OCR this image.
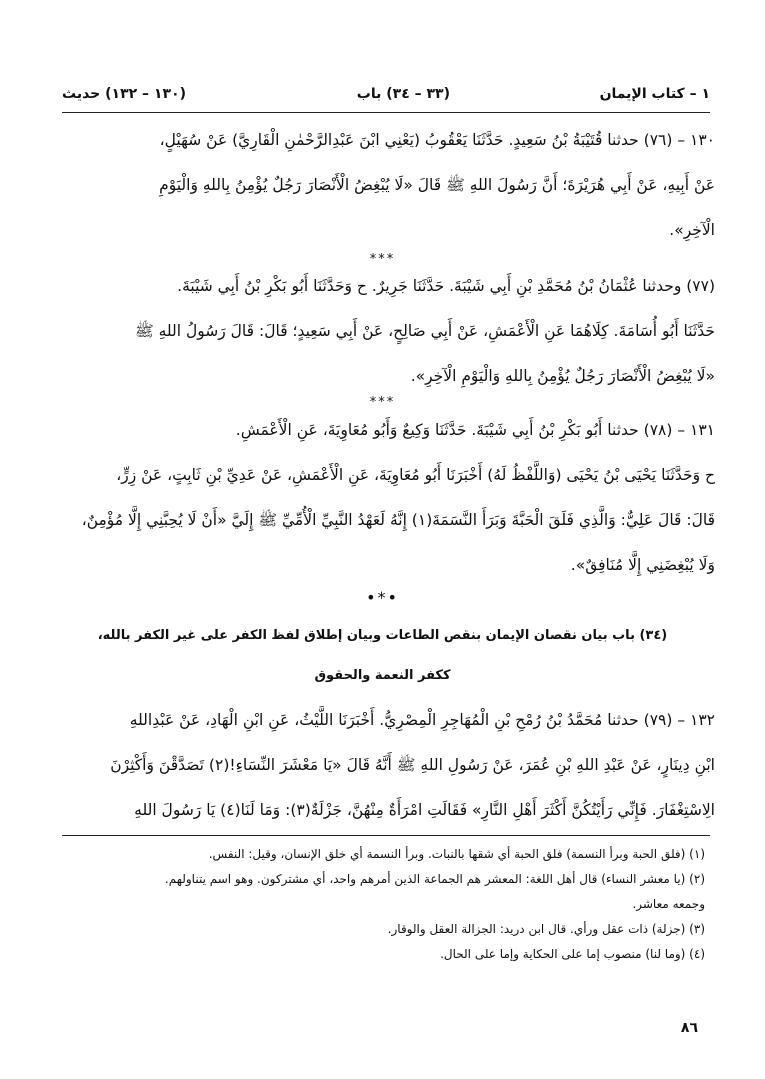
١ – كتاب الإيمان
(٣٣ – ٣٤) باب
(١٣٠ – ١٣٢) حديث
١٣٠ – (٧٦) حدثنا قُتَيْبَةُ بْنُ سَعِيدٍ. حَدَّثَنَا يَعْقُوبُ (يَعْنِي ابْنَ عَبْدِالرَّحْمٰنِ الْقَارِيَّ) عَنْ سُهَيْلٍ،
عَنْ أَبِيهِ، عَنْ أَبِي هُرَيْرَةَ؛ أَنَّ رَسُولَ اللهِ ﷺ قَالَ «لَا يُبْغِضُ الْأَنْصَارَ رَجُلٌ يُؤْمِنُ بِاللهِ وَالْيَوْمِ
الْآخِرِ».
***
(٧٧) وحدثنا عُثْمَانُ بْنُ مُحَمَّدِ بْنِ أَبِي شَيْبَةَ. حَدَّثَنَا جَرِيرٌ. ح وَحَدَّثَنَا أَبُو بَكْرِ بْنُ أَبِي شَيْبَةَ.
حَدَّثَنَا أَبُو أُسَامَةَ. كِلَاهُمَا عَنِ الْأَعْمَشِ، عَنْ أَبِي صَالِحٍ، عَنْ أَبِي سَعِيدٍ؛ قَالَ: قَالَ رَسُولُ اللهِ ﷺ
«لَا يُبْغِضُ الْأَنْصَارَ رَجُلٌ يُؤْمِنُ بِاللهِ وَالْيَوْمِ الْآخِرِ».
***
١٣١ – (٧٨) حدثنا أَبُو بَكْرِ بْنُ أَبِي شَيْبَةَ. حَدَّثَنَا وَكِيعٌ وَأَبُو مُعَاوِيَةَ، عَنِ الْأَعْمَشِ.
ح وَحَدَّثَنَا يَحْيَى بْنُ يَحْيَى (وَاللَّفْظُ لَهُ) أَخْبَرَنَا أَبُو مُعَاوِيَةَ، عَنِ الْأَعْمَشِ، عَنْ عَدِيِّ بْنِ ثَابِتٍ، عَنْ زِرٍّ،
قَالَ: قَالَ عَلِيٌّ: وَالَّذِي فَلَقَ الْحَبَّةَ وَبَرَأَ النَّسَمَةَ(١) إِنَّهُ لَعَهْدُ النَّبِيِّ الْأُمِّيِّ ﷺ إِلَيَّ «أَنْ لَا يُحِبَّنِي إِلَّا مُؤْمِنٌ،
وَلَا يُبْغِضَنِي إِلَّا مُنَافِقٌ».
•*•
(٣٤) باب بيان نقصان الإيمان بنقص الطاعات وبيان إطلاق لفظ الكفر على غير الكفر بالله،
ككفر النعمة والحقوق
١٣٢ – (٧٩) حدثنا مُحَمَّدُ بْنُ رُمْحِ بْنِ الْمُهَاجِرِ الْمِصْرِيُّ. أَخْبَرَنَا اللَّيْثُ، عَنِ ابْنِ الْهَادِ، عَنْ عَبْدِاللهِ
ابْنِ دِينَارٍ، عَنْ عَبْدِ اللهِ بْنِ عُمَرَ، عَنْ رَسُولِ اللهِ ﷺ أَنَّهُ قَالَ «يَا مَعْشَرَ النِّسَاءِ!(٢) تَصَدَّقْنَ وَأَكْثِرْنَ
الِاسْتِغْفَارَ. فَإِنِّي رَأَيْتُكُنَّ أَكْثَرَ أَهْلِ النَّارِ» فَقَالَتِ امْرَأَةٌ مِنْهُنَّ، جَزْلَةٌ(٣): وَمَا لَنَا(٤) يَا رَسُولَ اللهِ
(١) (فلق الحبة وبرأ النسمة) فلق الحبة أي شقها بالنبات. وبرأ النسمة أي خلق الإنسان، وقيل: النفس.
(٢) (يا معشر النساء) قال أهل اللغة: المعشر هم الجماعة الذين أمرهم واحد، أي مشتركون. وهو اسم يتناولهم.
وجمعه معاشر.
(٣) (جزلة) ذات عقل ورأي. قال ابن دريد: الجزالة العقل والوقار.
(٤) (وما لنا) منصوب إما على الحكاية وإما على الحال.
٨٦
